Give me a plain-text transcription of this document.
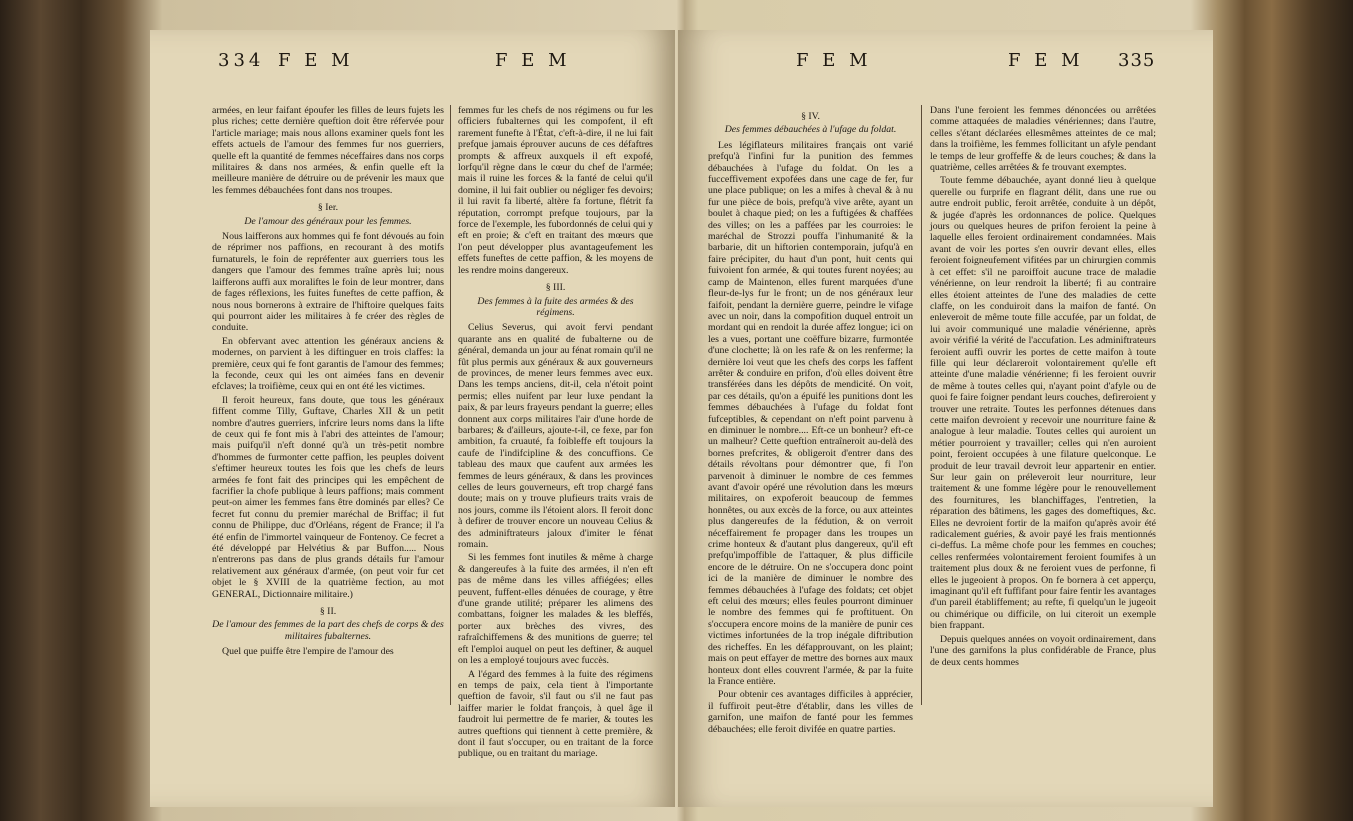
334 F E M	F E M

armées, en leur faifant époufer les filles de leurs fujets les plus riches; cette dernière queftion doit être réfervée pour l'article mariage; mais nous allons examiner quels font les effets actuels de l'amour des femmes fur nos guerriers, quelle eft la quantité de femmes néceffaires dans nos corps militaires & dans nos armées, & enfin quelle eft la meilleure manière de détruire ou de prévenir les maux que les femmes débauchées font dans nos troupes.

§ Ier.
De l'amour des généraux pour les femmes.

Nous laifferons aux hommes qui fe font dévoués au foin de réprimer nos paffions, en recourant à des motifs furnaturels, le foin de repréfenter aux guerriers tous les dangers que l'amour des femmes traîne après lui; nous laifferons auffi aux moraliftes le foin de leur montrer, dans de fages réflexions, les fuites funeftes de cette paffion, & nous nous bornerons à extraire de l'hiftoire quelques faits qui pourront aider les militaires à fe créer des règles de conduite.

En obfervant avec attention les généraux anciens & modernes, on parvient à les diftinguer en trois claffes: la première, ceux qui fe font garantis de l'amour des femmes; la feconde, ceux qui les ont aimées fans en devenir efclaves; la troifième, ceux qui en ont été les victimes.

Il feroit heureux, fans doute, que tous les généraux fiffent comme Tilly, Guftave, Charles XII & un petit nombre d'autres guerriers, infcrire leurs noms dans la lifte de ceux qui fe font mis à l'abri des atteintes de l'amour; mais puifqu'il n'eft donné qu'à un très-petit nombre d'hommes de furmonter cette paffion, les peuples doivent s'eftimer heureux toutes les fois que les chefs de leurs armées fe font fait des principes qui les empêchent de facrifier la chofe publique à leurs paffions; mais comment peut-on aimer les femmes fans être dominés par elles? Ce fecret fut connu du premier maréchal de Briffac; il fut connu de Philippe, duc d'Orléans, régent de France; il l'a été enfin de l'immortel vainqueur de Fontenoy. Ce fecret a été développé par Helvétius & par Buffon..... Nous n'entrerons pas dans de plus grands détails fur l'amour relativement aux généraux d'armée, (on peut voir fur cet objet le § XVIII de la quatrième fection, au mot GENERAL, Dictionnaire militaire.)

§ II.
De l'amour des femmes de la part des chefs de corps & des militaires fubalternes.

Quel que puiffe être l'empire de l'amour des

femmes fur les chefs de nos régimens ou fur les officiers fubalternes qui les compofent, il eft rarement funefte à l'État, c'eft-à-dire, il ne lui fait prefque jamais éprouver aucuns de ces défaftres prompts & affreux auxquels il eft expofé, lorfqu'il règne dans le cœur du chef de l'armée; mais il ruine les forces & la fanté de celui qu'il domine, il lui fait oublier ou négliger fes devoirs; il lui ravit fa liberté, altère fa fortune, flétrit fa réputation, corrompt prefque toujours, par la force de l'exemple, les fubordonnés de celui qui y eft en proie; & c'eft en traitant des mœurs que l'on peut développer plus avantageufement les effets funeftes de cette paffion, & les moyens de les rendre moins dangereux.

§ III.
Des femmes à la fuite des armées & des régimens.

Celius Severus, qui avoit fervi pendant quarante ans en qualité de fubalterne ou de général, demanda un jour au fénat romain qu'il ne fût plus permis aux généraux & aux gouverneurs de provinces, de mener leurs femmes avec eux. Dans les temps anciens, dit-il, cela n'étoit point permis; elles nuifent par leur luxe pendant la paix, & par leurs frayeurs pendant la guerre; elles donnent aux corps militaires l'air d'une horde de barbares; & d'ailleurs, ajoute-t-il, ce fexe, par fon ambition, fa cruauté, fa foibleffe eft toujours la caufe de l'indifcipline & des concuffions. Ce tableau des maux que caufent aux armées les femmes de leurs généraux, & dans les provinces celles de leurs gouverneurs, eft trop chargé fans doute; mais on y trouve plufieurs traits vrais de nos jours, comme ils l'étoient alors. Il feroit donc à defirer de trouver encore un nouveau Celius & des adminiftrateurs jaloux d'imiter le fénat romain.

Si les femmes font inutiles & même à charge & dangereufes à la fuite des armées, il n'en eft pas de même dans les villes affiégées; elles peuvent, fuffent-elles dénuées de courage, y être d'une grande utilité; préparer les alimens des combattans, foigner les malades & les bleffés, porter aux brèches des vivres, des rafraîchiffemens & des munitions de guerre; tel eft l'emploi auquel on peut les deftiner, & auquel on les a employé toujours avec fuccès.

A l'égard des femmes à la fuite des régimens en temps de paix, cela tient à l'importante queftion de favoir, s'il faut ou s'il ne faut pas laiffer marier le foldat françois, à quel âge il faudroit lui permettre de fe marier, & toutes les autres queftions qui tiennent à cette première, & dont il faut s'occuper, ou en traitant de la force publique, ou en traitant du mariage.

F E M	F E M 335
§ IV.
Des femmes débauchées à l'ufage du foldat.

Les légiflateurs militaires français ont varié prefqu'à l'infini fur la punition des femmes débauchées à l'ufage du foldat. On les a fucceffivement expofées dans une cage de fer, fur une place publique; on les a mifes à cheval & à nu fur une pièce de bois, prefqu'à vive arête, ayant un boulet à chaque pied; on les a fuftigées & chaffées des villes; on les a paffées par les courroies: le maréchal de Strozzi pouffa l'inhumanité & la barbarie, dit un hiftorien contemporain, jufqu'à en faire précipiter, du haut d'un pont, huit cents qui fuivoient fon armée, & qui toutes furent noyées; au camp de Maintenon, elles furent marquées d'une fleur-de-lys fur le front; un de nos généraux leur faifoit, pendant la dernière guerre, peindre le vifage avec un noir, dans la compofition duquel entroit un mordant qui en rendoit la durée affez longue; ici on les a vues, portant une coëffure bizarre, furmontée d'une clochette; là on les rafe & on les renferme; la dernière loi veut que les chefs des corps les faffent arrêter & conduire en prifon, d'où elles doivent être transférées dans les dépôts de mendicité. On voit, par ces détails, qu'on a épuifé les punitions dont les femmes débauchées à l'ufage du foldat font fufceptibles, & cependant on n'eft point parvenu à en diminuer le nombre.... Eft-ce un bonheur? eft-ce un malheur? Cette queftion entraîneroit au-delà des bornes prefcrites, & obligeroit d'entrer dans des détails révoltans pour démontrer que, fi l'on parvenoit à diminuer le nombre de ces femmes avant d'avoir opéré une révolution dans les mœurs militaires, on expoferoit beaucoup de femmes honnêtes, ou aux excès de la force, ou aux atteintes plus dangereufes de la fédution, & on verroit néceffairement fe propager dans les troupes un crime honteux & d'autant plus dangereux, qu'il eft prefqu'impoffible de l'attaquer, & plus difficile encore de le détruire. On ne s'occupera donc point ici de la manière de diminuer le nombre des femmes débauchées à l'ufage des foldats; cet objet eft celui des mœurs; elles feules pourront diminuer le nombre des femmes qui fe proftituent. On s'occupera encore moins de la manière de punir ces victimes infortunées de la trop inégale diftribution des richeffes. En les défapprouvant, on les plaint; mais on peut effayer de mettre des bornes aux maux honteux dont elles couvrent l'armée, & par la fuite la France entière.

Pour obtenir ces avantages difficiles à apprécier, il fuffiroit peut-être d'établir, dans les villes de garnifon, une maifon de fanté pour les femmes débauchées; elle feroit divifée en quatre parties.

Dans l'une feroient les femmes dénoncées ou arrêtées comme attaquées de maladies vénériennes; dans l'autre, celles s'étant déclarées ellesmêmes atteintes de ce mal; dans la troifième, les femmes follicitant un afyle pendant le temps de leur groffeffe & de leurs couches; & dans la quatrième, celles arrêtées & fe trouvant exemptes.

Toute femme débauchée, ayant donné lieu à quelque querelle ou furprife en flagrant délit, dans une rue ou autre endroit public, feroit arrêtée, conduite à un dépôt, & jugée d'après les ordonnances de police. Quelques jours ou quelques heures de prifon feroient la peine à laquelle elles feroient ordinairement condamnées. Mais avant de voir les portes s'en ouvrir devant elles, elles feroient foigneufement vifitées par un chirurgien commis à cet effet: s'il ne paroiffoit aucune trace de maladie vénérienne, on leur rendroit la liberté; fi au contraire elles étoient atteintes de l'une des maladies de cette claffe, on les conduiroit dans la maifon de fanté. On enleveroit de même toute fille accufée, par un foldat, de lui avoir communiqué une maladie vénérienne, après avoir vérifié la vérité de l'accufation. Les adminiftrateurs feroient auffi ouvrir les portes de cette maifon à toute fille qui leur déclareroit volontairement qu'elle eft atteinte d'une maladie vénérienne; fi les feroient ouvrir de même à toutes celles qui, n'ayant point d'afyle ou de quoi fe faire foigner pendant leurs couches, defireroient y trouver une retraite. Toutes les perfonnes détenues dans cette maifon devroient y recevoir une nourriture faine & analogue à leur maladie. Toutes celles qui auroient un métier pourroient y travailler; celles qui n'en auroient point, feroient occupées à une filature quelconque. Le produit de leur travail devroit leur appartenir en entier. Sur leur gain on préleveroit leur nourriture, leur traitement & une fomme légère pour le renouvellement des fournitures, les blanchiffages, l'entretien, la réparation des bâtimens, les gages des domeftiques, &c. Elles ne devroient fortir de la maifon qu'après avoir été radicalement guéries, & avoir payé les frais mentionnés ci-deffus. La même chofe pour les femmes en couches; celles renfermées volontairement feroient foumifes à un traitement plus doux & ne feroient vues de perfonne, fi elles le jugeoient à propos. On fe bornera à cet apperçu, imaginant qu'il eft fuffifant pour faire fentir les avantages d'un pareil établiffement; au refte, fi quelqu'un le jugeoit ou chimérique ou difficile, on lui citeroit un exemple bien frappant.

Depuis quelques années on voyoit ordinairement, dans l'une des garnifons la plus confidérable de France, plus de deux cents hommes
